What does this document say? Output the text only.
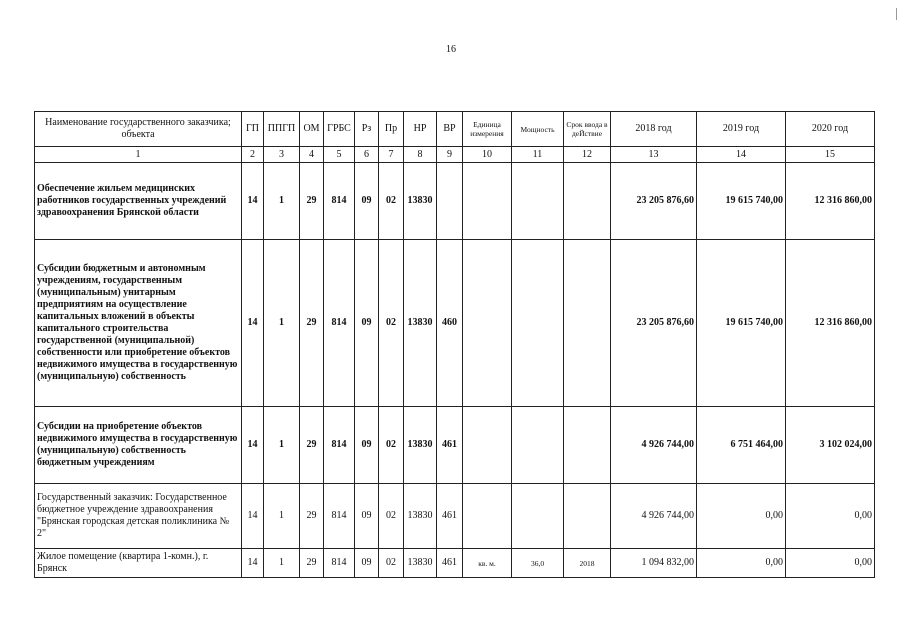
16
Наименование государственного заказчика; объекта	ГП	ППГП	ОМ	ГРБС	Рз	Пр	НР	ВР	Единица измерения	Мощность	Срок ввода в деЙствие	2018 год	2019 год	2020 год
1	2	3	4	5	6	7	8	9	10	11	12	13	14	15
Обеспечение жильем медицинских работников государственных учреждений здравоохранения Брянской области	14	1	29	814	09	02	13830					23 205 876,60	19 615 740,00	12 316 860,00
Субсидии бюджетным и автономным учреждениям, государственным (муниципальным) унитарным предприятиям на осуществление капитальных вложений в объекты капитального строительства государственной (муниципальной) собственности или приобретение объектов недвижимого имущества в государственную (муниципальную) собственность	14	1	29	814	09	02	13830	460				23 205 876,60	19 615 740,00	12 316 860,00
Субсидии на приобретение объектов недвижимого имущества в государственную (муниципальную) собственность бюджетным учреждениям	14	1	29	814	09	02	13830	461				4 926 744,00	6 751 464,00	3 102 024,00
Государственный заказчик: Государственное бюджетное учреждение здравоохранения "Брянская городская детская поликлиника № 2"	14	1	29	814	09	02	13830	461				4 926 744,00	0,00	0,00
Жилое помещение (квартира 1-комн.), г. Брянск	14	1	29	814	09	02	13830	461	кв. м.	36,0	2018	1 094 832,00	0,00	0,00
